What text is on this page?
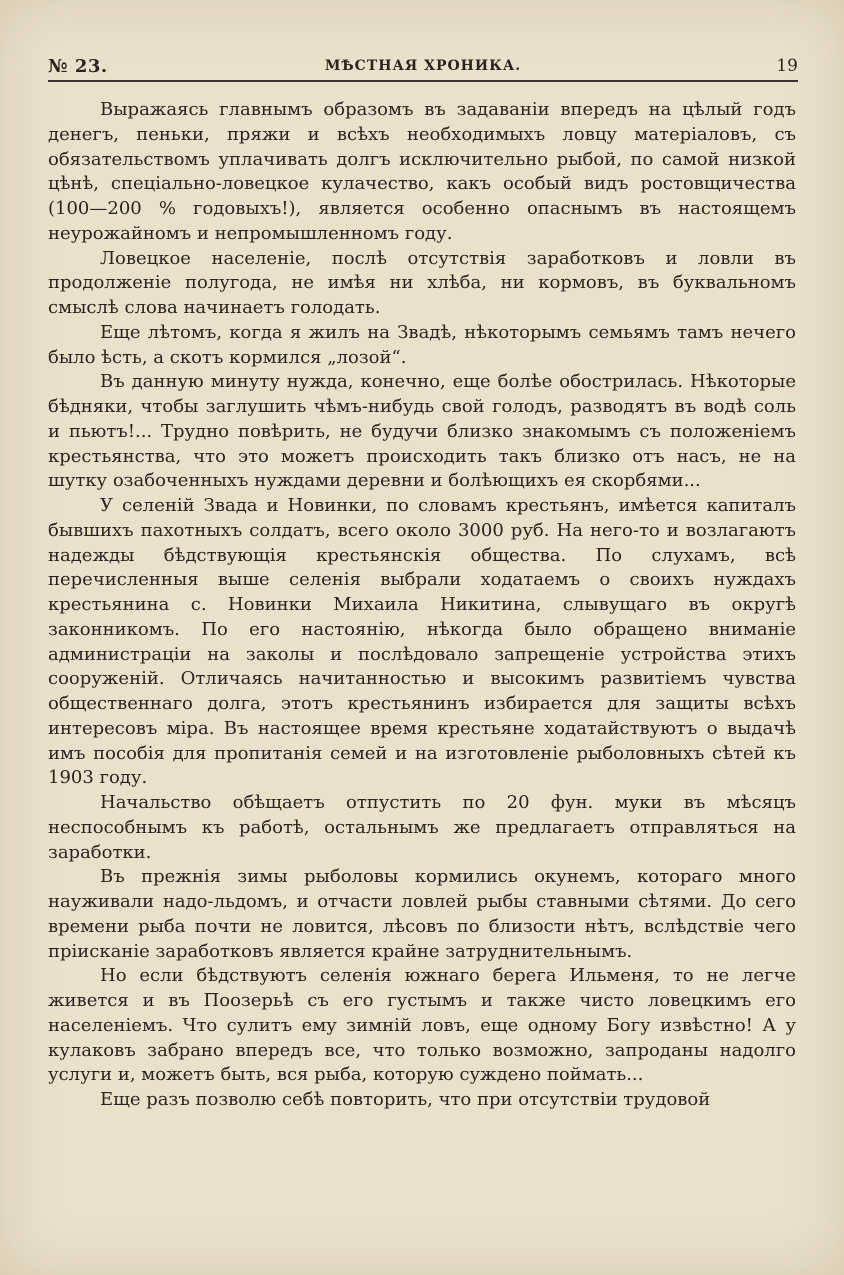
№ 23.	МѢСТНАЯ ХРОНИКА.	19

Выражаясь главнымъ образомъ въ задаванiи впередъ на цѣлый годъ денегъ, пеньки, пряжи и всѣхъ необходимыхъ ловцу матерiаловъ, съ обязательствомъ уплачивать долгъ исключительно рыбой, по самой низкой цѣнѣ, спецiально-ловецкое кулачество, какъ особый видъ ростовщичества (100—200 % годовыхъ!), является особенно опаснымъ въ настоящемъ неурожайномъ и непромышленномъ году.

Ловецкое населенiе, послѣ отсутствiя заработковъ и ловли въ продолженiе полугода, не имѣя ни хлѣба, ни кормовъ, въ буквальномъ смыслѣ слова начинаетъ голодать.

Еще лѣтомъ, когда я жилъ на Звадѣ, нѣкоторымъ семьямъ тамъ нечего было ѣсть, а скотъ кормился „лозой“.

Въ данную минуту нужда, конечно, еще болѣе обострилась. Нѣкоторые бѣдняки, чтобы заглушить чѣмъ-нибудь свой голодъ, разводятъ въ водѣ соль и пьютъ!... Трудно повѣрить, не будучи близко знакомымъ съ положенiемъ крестьянства, что это можетъ происходить такъ близко отъ насъ, не на шутку озабоченныхъ нуждами деревни и болѣющихъ ея скорбями...

У селенiй Звада и Новинки, по словамъ крестьянъ, имѣется капиталъ бывшихъ пахотныхъ солдатъ, всего около 3000 руб. На него-то и возлагаютъ надежды бѣдствующiя крестьянскiя общества. По слухамъ, всѣ перечисленныя выше селенiя выбрали ходатаемъ о своихъ нуждахъ крестьянина с. Новинки Михаила Никитина, слывущаго въ округѣ законникомъ. По его настоянiю, нѣкогда было обращено вниманiе администрацiи на заколы и послѣдовало запрещенiе устройства этихъ сооруженiй. Отличаясь начитанностью и высокимъ развитiемъ чувства общественнаго долга, этотъ крестьянинъ избирается для защиты всѣхъ интересовъ мiра. Въ настоящее время крестьяне ходатайствуютъ о выдачѣ имъ пособiя для пропитанiя семей и на изготовленiе рыболовныхъ сѣтей къ 1903 году.

Начальство обѣщаетъ отпустить по 20 фун. муки въ мѣсяцъ неспособнымъ къ работѣ, остальнымъ же предлагаетъ отправляться на заработки.

Въ прежнiя зимы рыболовы кормились окунемъ, котораго много науживали надо-льдомъ, и отчасти ловлей рыбы ставными сѣтями. До сего времени рыба почти не ловится, лѣсовъ по близости нѣтъ, вслѣдствiе чего прiисканiе заработковъ является крайне затруднительнымъ.

Но если бѣдствуютъ селенiя южнаго берега Ильменя, то не легче живется и въ Поозерьѣ съ его густымъ и также чисто ловецкимъ его населенiемъ. Что сулитъ ему зимнiй ловъ, еще одному Богу извѣстно! А у кулаковъ забрано впередъ все, что только возможно, запроданы надолго услуги и, можетъ быть, вся рыба, которую суждено поймать...

Еще разъ позволю себѣ повторить, что при отсутствiи трудовой
